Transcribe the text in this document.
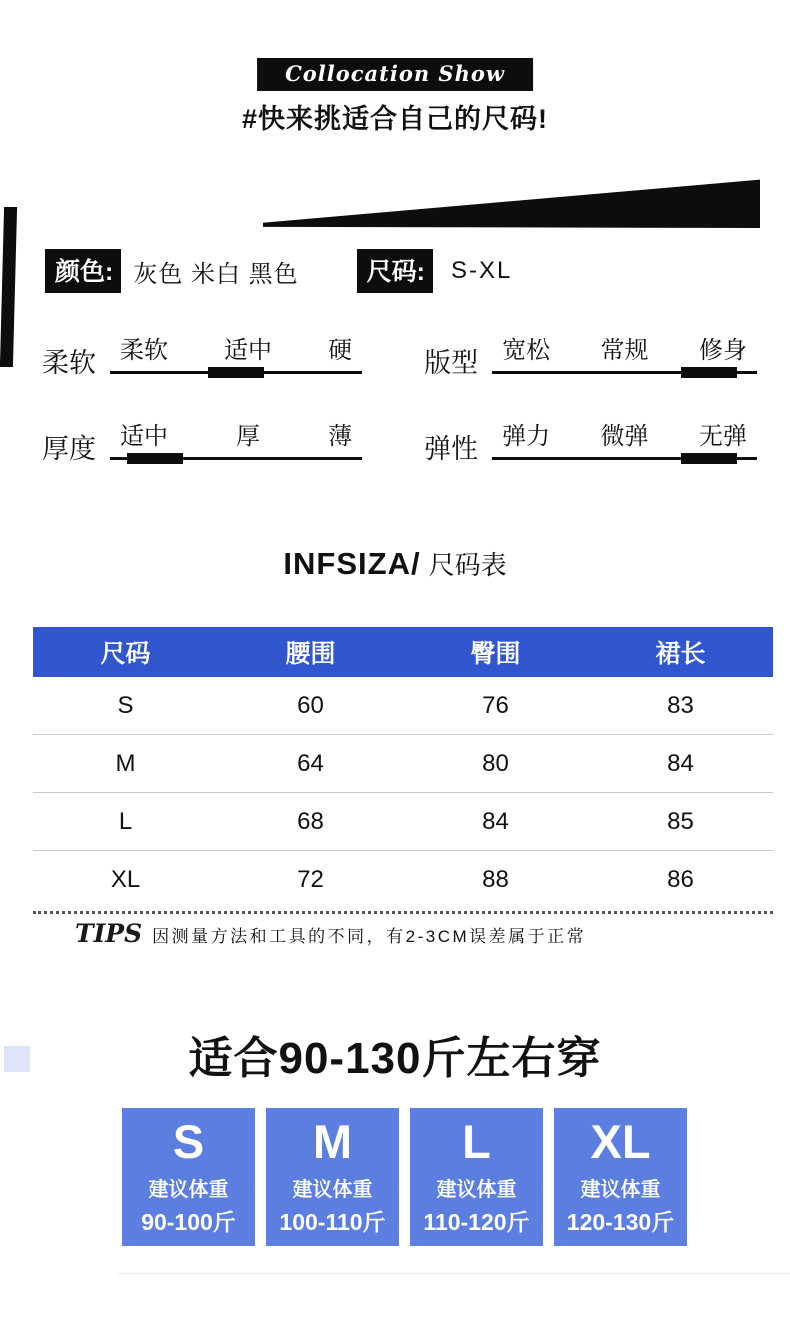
Collocation Show
#快来挑适合自己的尺码!
颜色: 灰色 米白 黑色	尺码:	S-XL
柔软 柔软 适中 硬	版型 宽松 常规 修身
厚度 适中	厚	薄	弹性 弹力 微弹 无弹
INFSIZA/ 尺码表
尺码	腰围	臀围	裙长
S	60	76	83
M	64	80	84
L	68	84	85
XL	72	88	86
TIPS 因测量方法和工具的不同，有2-3CM误差属于正常
适合90-130斤左右穿
S
建议体重
90-100斤
M
建议体重
100-110斤
L
建议体重
110-120斤
XL
建议体重
120-130斤
